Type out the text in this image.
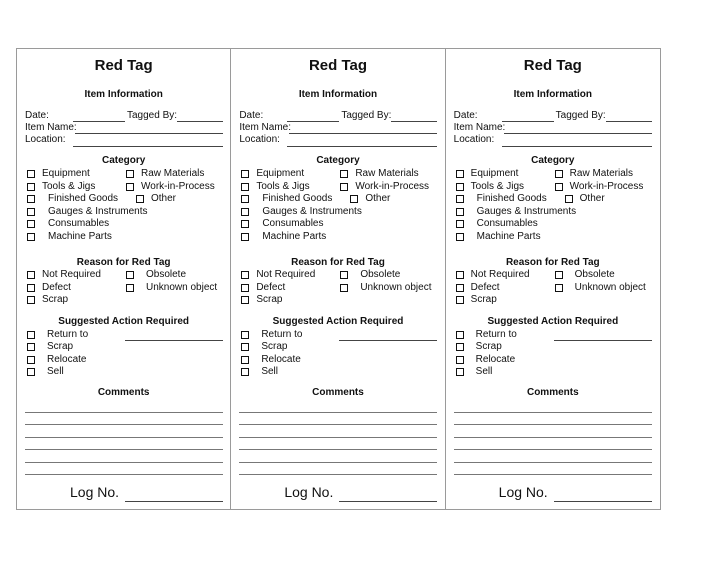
Red Tag
Item Information
Date:	Tagged By:
Item Name:
Location:
Category
Equipment	Raw Materials
Tools & Jigs	Work-in-Process
Finished Goods	Other
Gauges & Instruments
Consumables
Machine Parts
Reason for Red Tag
Not Required	Obsolete
Defect	Unknown object
Scrap
Suggested Action Required
Return to
Scrap
Relocate
Sell
Comments
Log No.
Red Tag
Item Information
Date:	Tagged By:
Item Name:
Location:
Category
Equipment	Raw Materials
Tools & Jigs	Work-in-Process
Finished Goods	Other
Gauges & Instruments
Consumables
Machine Parts
Reason for Red Tag
Not Required	Obsolete
Defect	Unknown object
Scrap
Suggested Action Required
Return to
Scrap
Relocate
Sell
Comments
Log No.
Red Tag
Item Information
Date:	Tagged By:
Item Name:
Location:
Category
Equipment	Raw Materials
Tools & Jigs	Work-in-Process
Finished Goods	Other
Gauges & Instruments
Consumables
Machine Parts
Reason for Red Tag
Not Required	Obsolete
Defect	Unknown object
Scrap
Suggested Action Required
Return to
Scrap
Relocate
Sell
Comments
Log No.
